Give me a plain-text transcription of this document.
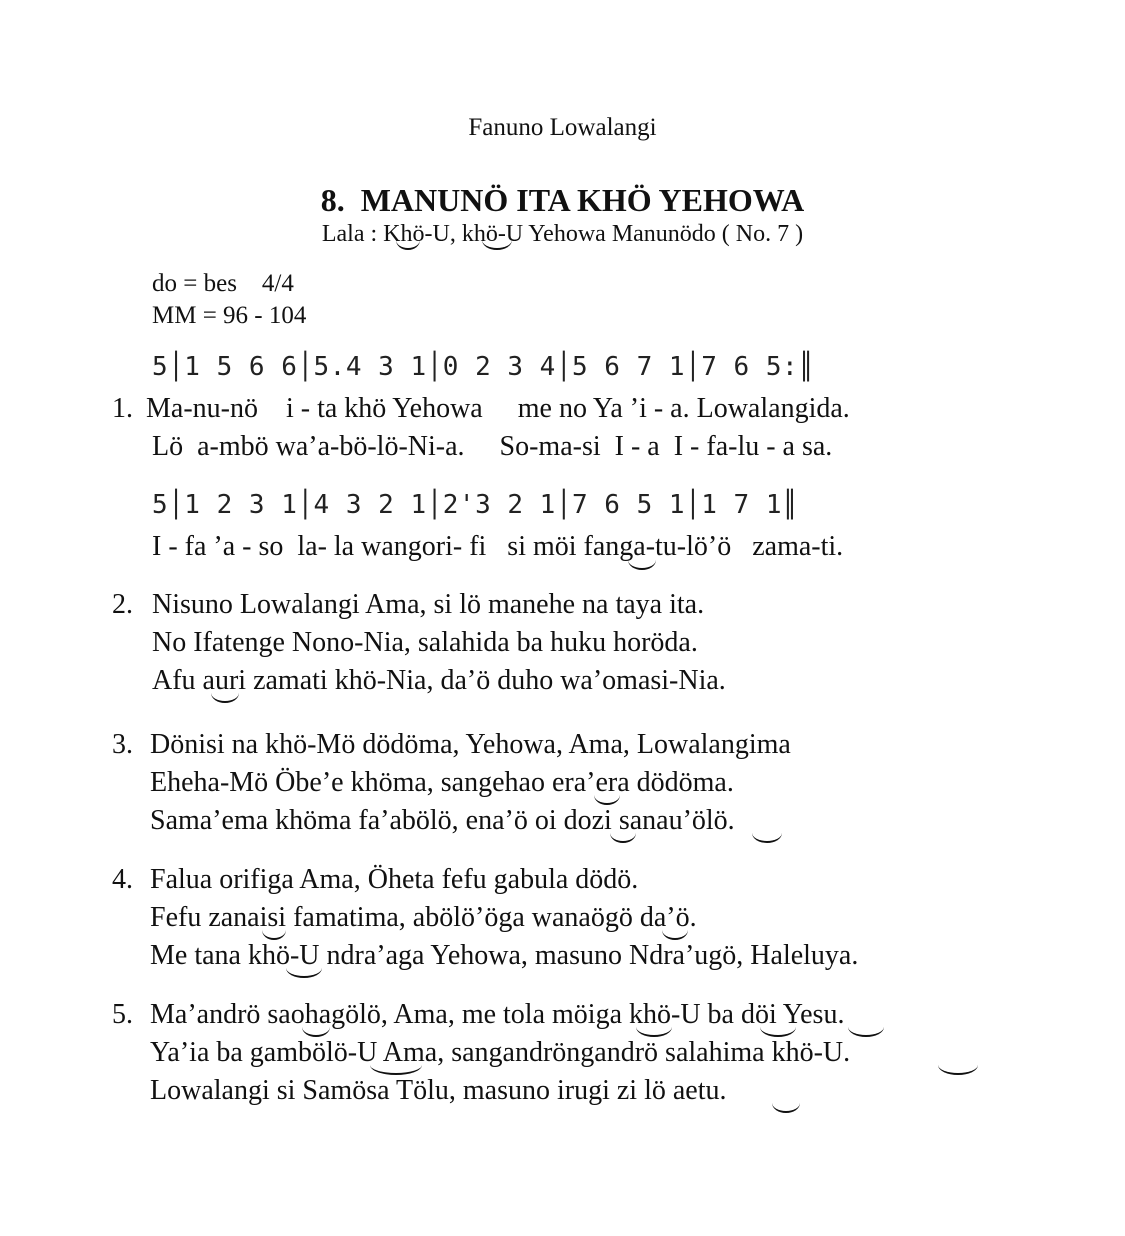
Fanuno Lowalangi
8.  MANUNÖ ITA KHÖ YEHOWA
Lala : Khö-U, khö-U Yehowa Manunödo ( No. 7 )
do = bes    4/4
MM = 96 - 104
5│1 5 6 6│5.4 3 1│0 2 3 4│5 6 7 1│7 6 5:║
1. Ma-nu-nö    i - ta khö Yehowa     me no Ya ’i - a. Lowalangida.
Lö  a-mbö wa’a-bö-lö-Ni-a.     So-ma-si  I - a  I - fa-lu - a sa.
5│1 2 3 1│4 3 2 1│2'3 2 1│7 6 5 1│1 7 1║
I - fa ’a - so  la- la wangori- fi   si möi fanga-tu-lö’ö   zama-ti.
2. Nisuno Lowalangi Ama, si lö manehe na taya ita.
No Ifatenge Nono-Nia, salahida ba huku horöda.
Afu auri zamati khö-Nia, da’ö duho wa’omasi-Nia.
3. Dönisi na khö-Mö dödöma, Yehowa, Ama, Lowalangima
Eheha-Mö Öbe’e khöma, sangehao era’era dödöma.
Sama’ema khöma fa’abölö, ena’ö oi dozi sanau’ölö.
4. Falua orifiga Ama, Öheta fefu gabula dödö.
Fefu zanaisi famatima, abölö’öga wanaögö da’ö.
Me tana khö-U ndra’aga Yehowa, masuno Ndra’ugö, Haleluya.
5. Ma’andrö saohagölö, Ama, me tola möiga khö-U ba döi Yesu.
Ya’ia ba gambölö-U Ama, sangandröngandrö salahima khö-U.
Lowalangi si Samösa Tölu, masuno irugi zi lö aetu.
